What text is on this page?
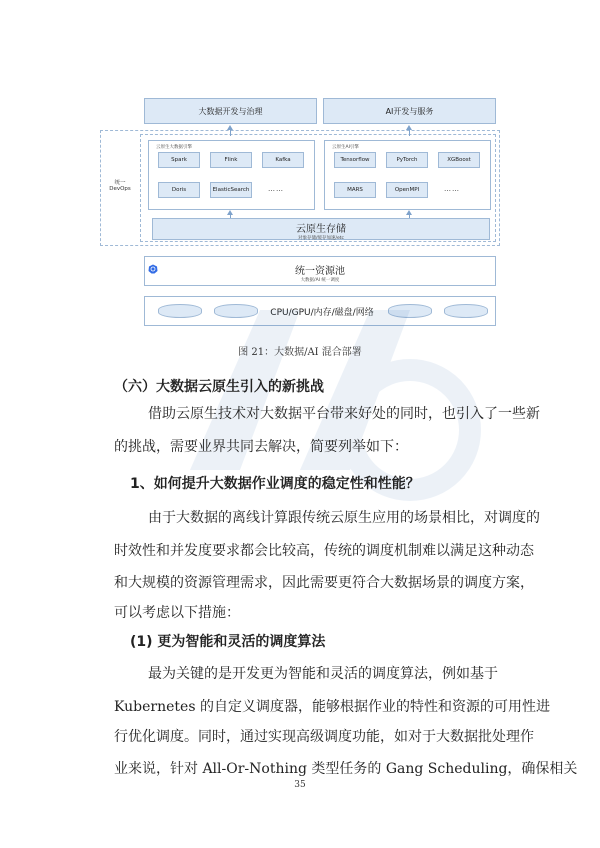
大数据开发与治理	AI开发与服务
统一
DevOps
云原生大数据引擎
Spark	Flink	Kafka
Doris	ElasticSearch	……
云原生AI引擎
Tensorflow	PyTorch	XGBoost
MARS	OpenMPI	……
云原生存储
对象存储/缓存加速/etc
统一资源池
大数据/AI 统一调度
CPU/GPU/内存/磁盘/网络
图 21：大数据/AI 混合部署
（六）大数据云原生引入的新挑战
借助云原生技术对大数据平台带来好处的同时，也引入了一些新
的挑战，需要业界共同去解决，简要列举如下：
1、如何提升大数据作业调度的稳定性和性能？
由于大数据的离线计算跟传统云原生应用的场景相比，对调度的
时效性和并发度要求都会比较高，传统的调度机制难以满足这种动态
和大规模的资源管理需求，因此需要更符合大数据场景的调度方案，
可以考虑以下措施：
(1) 更为智能和灵活的调度算法
最为关键的是开发更为智能和灵活的调度算法，例如基于
Kubernetes 的自定义调度器，能够根据作业的特性和资源的可用性进
行优化调度。同时，通过实现高级调度功能，如对于大数据批处理作
业来说，针对 All-Or-Nothing 类型任务的 Gang Scheduling，确保相关
35
